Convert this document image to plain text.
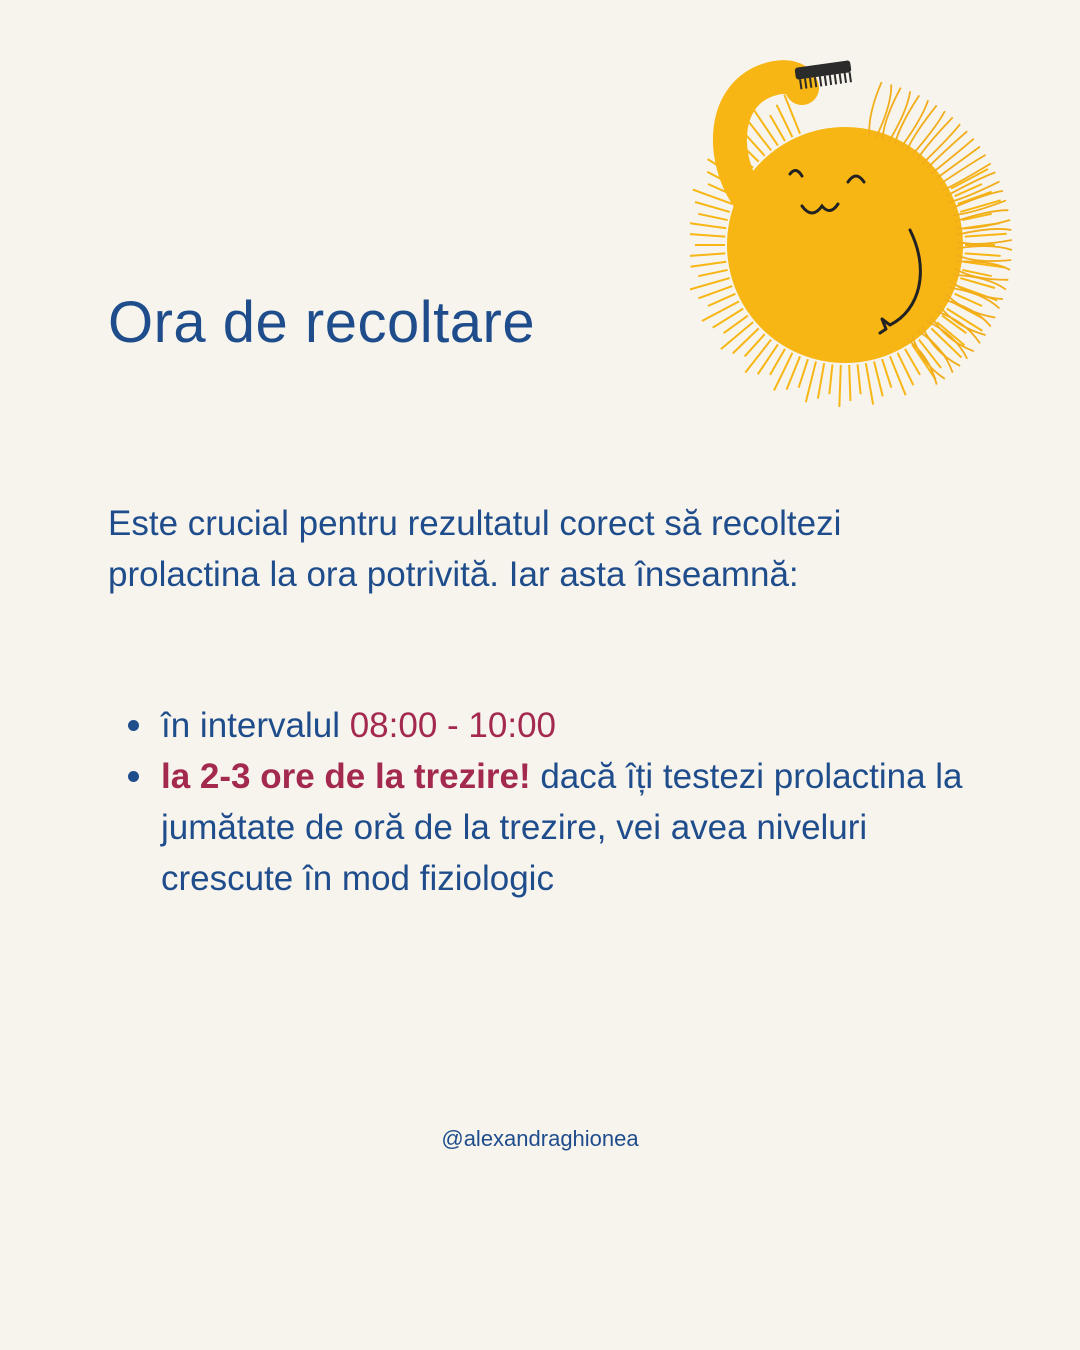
Ora de recoltare

Este crucial pentru rezultatul corect să recoltezi prolactina la ora potrivită. Iar asta înseamnă:

în intervalul 08:00 - 10:00
la 2-3 ore de la trezire! dacă îți testezi prolactina la jumătate de oră de la trezire, vei avea niveluri crescute în mod fiziologic
@alexandraghionea
